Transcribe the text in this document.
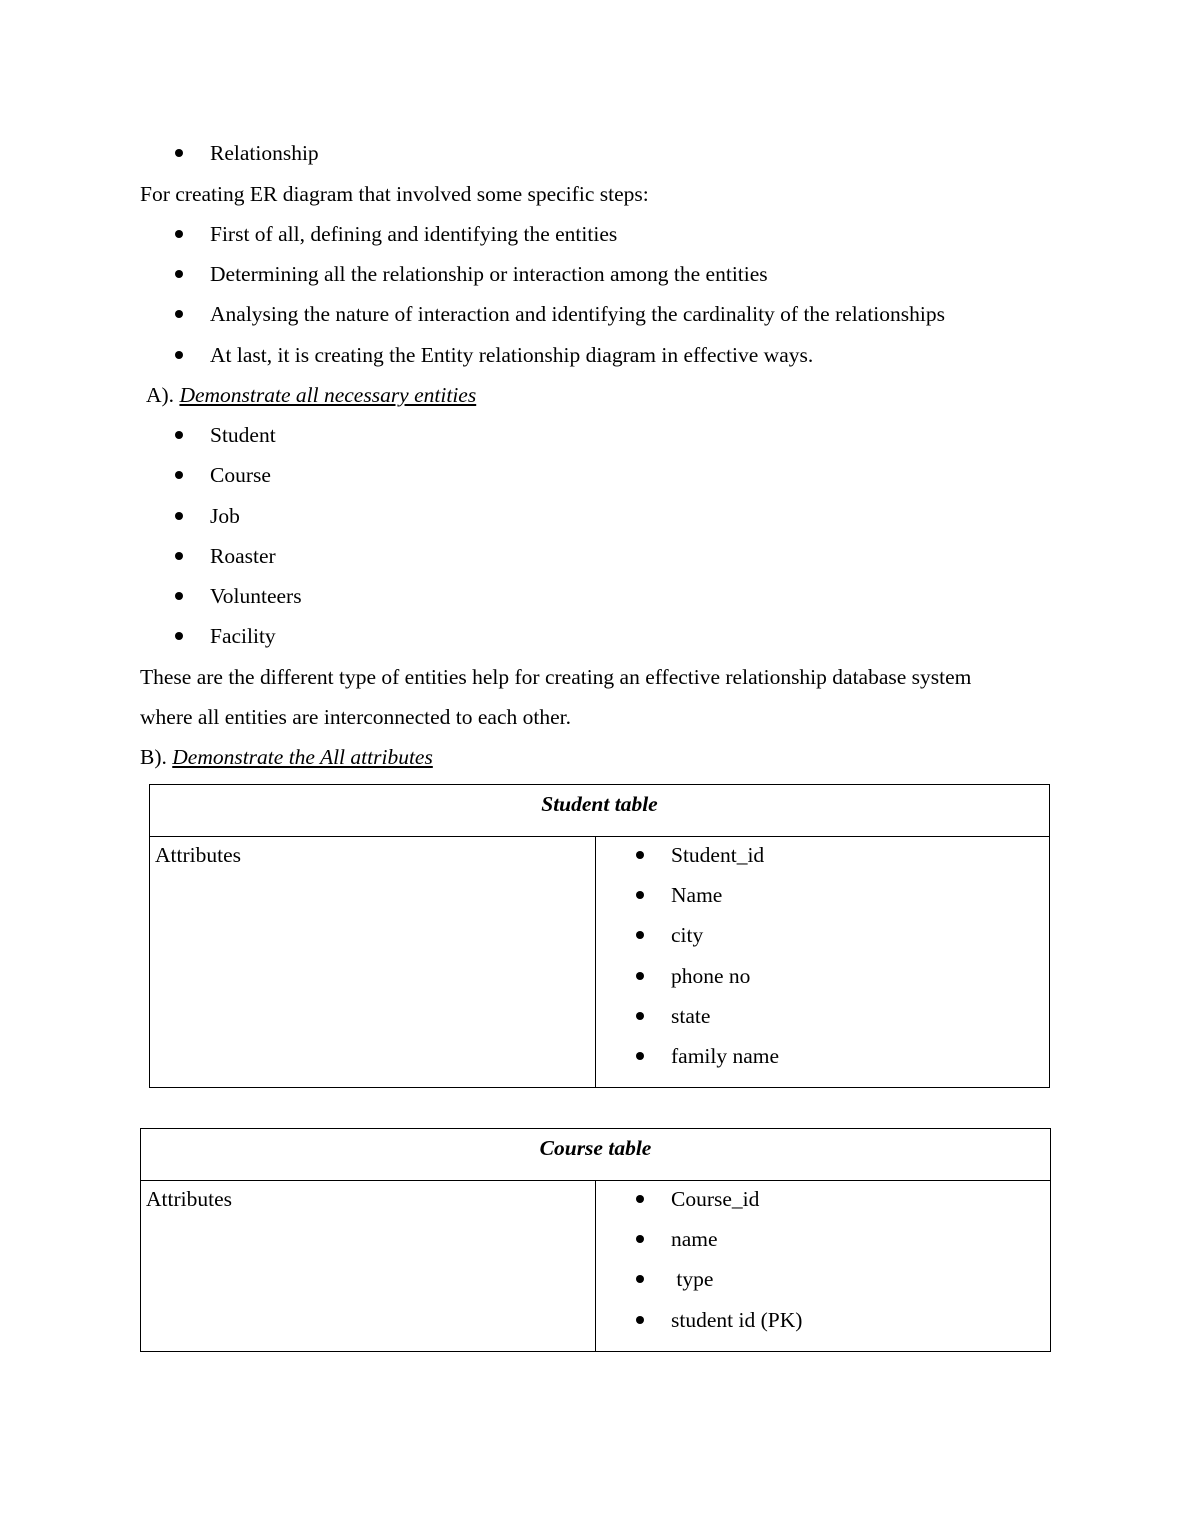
Relationship
For creating ER diagram that involved some specific steps:
First of all, defining and identifying the entities
Determining all the relationship or interaction among the entities
Analysing the nature of interaction and identifying the cardinality of the relationships
At last, it is creating the Entity relationship diagram in effective ways.
A). Demonstrate all necessary entities
Student
Course
Job
Roaster
Volunteers
Facility
These are the different type of entities help for creating an effective relationship database system
where all entities are interconnected to each other.
B). Demonstrate the All attributes
Student table
Attributes	Student_id
Name
city
phone no
state
family name
Course table
Attributes	Course_id
name
type
student id (PK)
